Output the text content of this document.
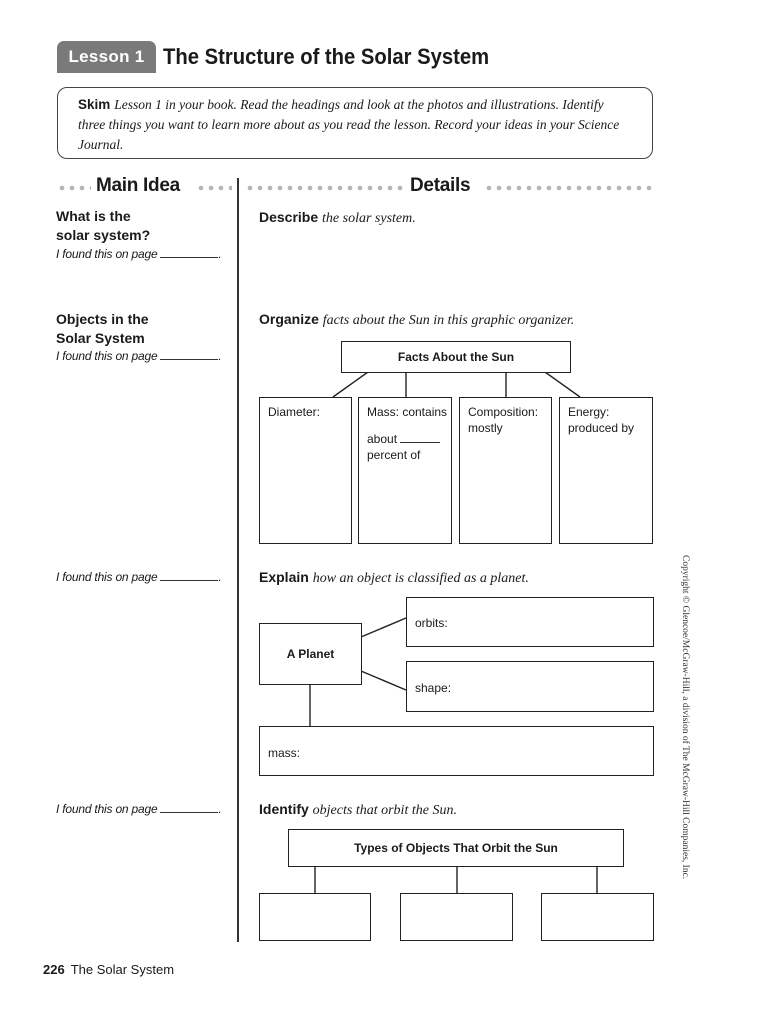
Lesson 1 The Structure of the Solar System
Skim Lesson 1 in your book. Read the headings and look at the photos and illustrations. Identify three things you want to learn more about as you read the lesson. Record your ideas in your Science Journal.
Main Idea	Details
What is the solar system?
I found this on page	.
Describe the solar system.
Objects in the Solar System
I found this on page	.
Organize facts about the Sun in this graphic organizer.
Facts About the Sun
Diameter:	Mass: contains
about
percent of
Composition:
mostly
Energy:
produced by
I found this on page	.	Explain how an object is classified as a planet.
A Planet
orbits:
shape:
mass:
I found this on page	.	Identify objects that orbit the Sun.
Types of Objects That Orbit the Sun	Copyright © Glencoe/McGraw-Hill, a division of The McGraw-Hill Companies, Inc.
226 The Solar System
